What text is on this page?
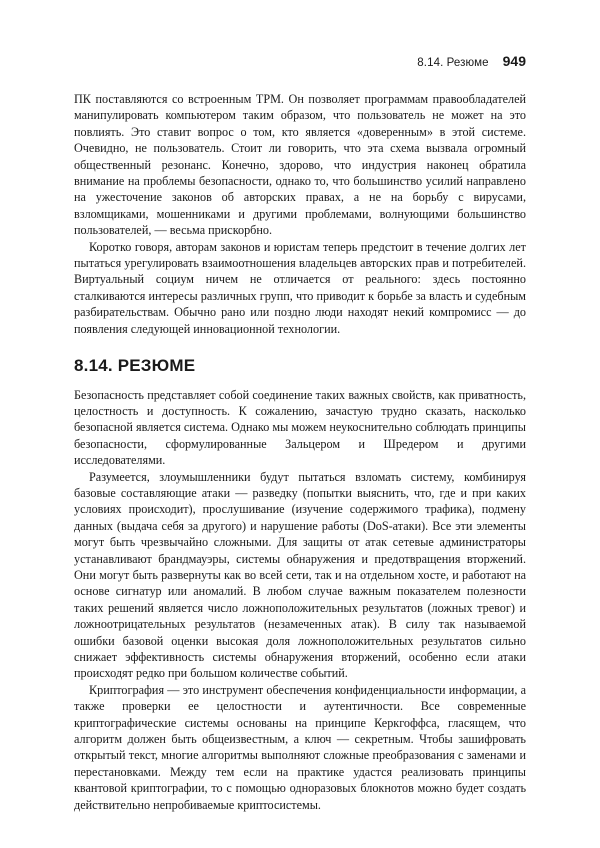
8.14. Резюме 949

ПК поставляются со встроенным ТРМ. Он позволяет программам правообладателей манипулировать компьютером таким образом, что пользователь не может на это повлиять. Это ставит вопрос о том, кто является «доверенным» в этой системе. Очевидно, не пользователь. Стоит ли говорить, что эта схема вызвала огромный общественный резонанс. Конечно, здорово, что индустрия наконец обратила внимание на проблемы безопасности, однако то, что большинство усилий направлено на ужесточение законов об авторских правах, а не на борьбу с вирусами, взломщиками, мошенниками и другими проблемами, волнующими большинство пользователей, — весьма прискорбно.

Коротко говоря, авторам законов и юристам теперь предстоит в течение долгих лет пытаться урегулировать взаимоотношения владельцев авторских прав и потребителей. Виртуальный социум ничем не отличается от реального: здесь постоянно сталкиваются интересы различных групп, что приводит к борьбе за власть и судебным разбирательствам. Обычно рано или поздно люди находят некий компромисс — до появления следующей инновационной технологии.

8.14. РЕЗЮМЕ

Безопасность представляет собой соединение таких важных свойств, как приватность, целостность и доступность. К сожалению, зачастую трудно сказать, насколько безопасной является система. Однако мы можем неукоснительно соблюдать принципы безопасности, сформулированные Зальцером и Шредером и другими исследователями.

Разумеется, злоумышленники будут пытаться взломать систему, комбинируя базовые составляющие атаки — разведку (попытки выяснить, что, где и при каких условиях происходит), прослушивание (изучение содержимого трафика), подмену данных (выдача себя за другого) и нарушение работы (DoS-атаки). Все эти элементы могут быть чрезвычайно сложными. Для защиты от атак сетевые администраторы устанавливают брандмауэры, системы обнаружения и предотвращения вторжений. Они могут быть развернуты как во всей сети, так и на отдельном хосте, и работают на основе сигнатур или аномалий. В любом случае важным показателем полезности таких решений является число ложноположительных результатов (ложных тревог) и ложноотрицательных результатов (незамеченных атак). В силу так называемой ошибки базовой оценки высокая доля ложноположительных результатов сильно снижает эффективность системы обнаружения вторжений, особенно если атаки происходят редко при большом количестве событий.

Криптография — это инструмент обеспечения конфиденциальности информации, а также проверки ее целостности и аутентичности. Все современные криптографические системы основаны на принципе Керкгоффса, гласящем, что алгоритм должен быть общеизвестным, а ключ — секретным. Чтобы зашифровать открытый текст, многие алгоритмы выполняют сложные преобразования с заменами и перестановками. Между тем если на практике удастся реализовать принципы квантовой криптографии, то с помощью одноразовых блокнотов можно будет создать действительно непробиваемые криптосистемы.
